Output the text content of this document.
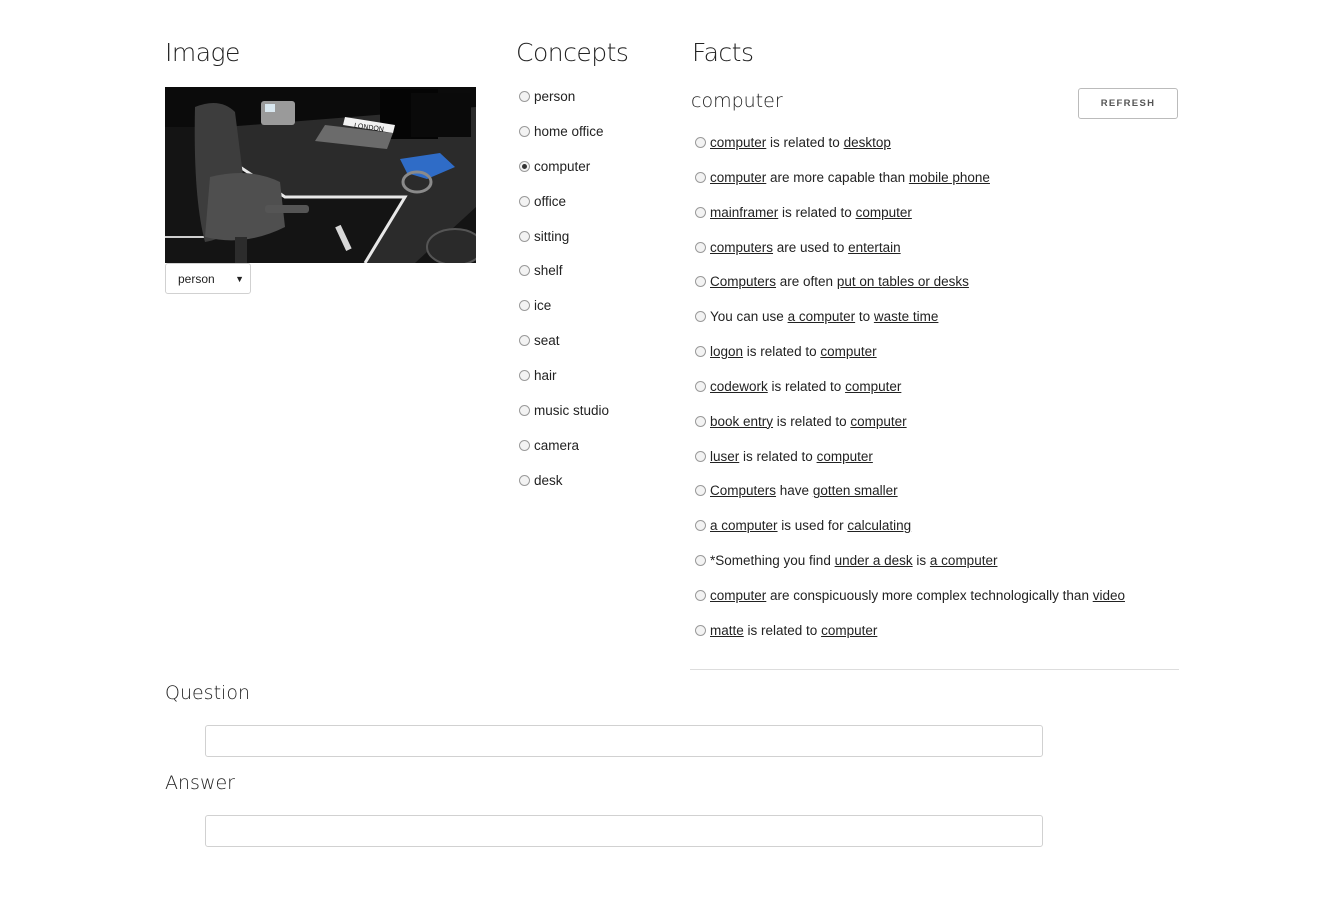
Image
LONDON
person ▼
Concepts
person
home office
computer
office
sitting
shelf
ice
seat
hair
music studio
camera
desk
Facts
computer	REFRESH
computer is related to desktop
computer are more capable than mobile phone
mainframer is related to computer
computers are used to entertain
Computers are often put on tables or desks
You can use a computer to waste time
logon is related to computer
codework is related to computer
book entry is related to computer
luser is related to computer
Computers have gotten smaller
a computer is used for calculating
*Something you find under a desk is a computer
computer are conspicuously more complex technologically than video
matte is related to computer
Question
Answer
